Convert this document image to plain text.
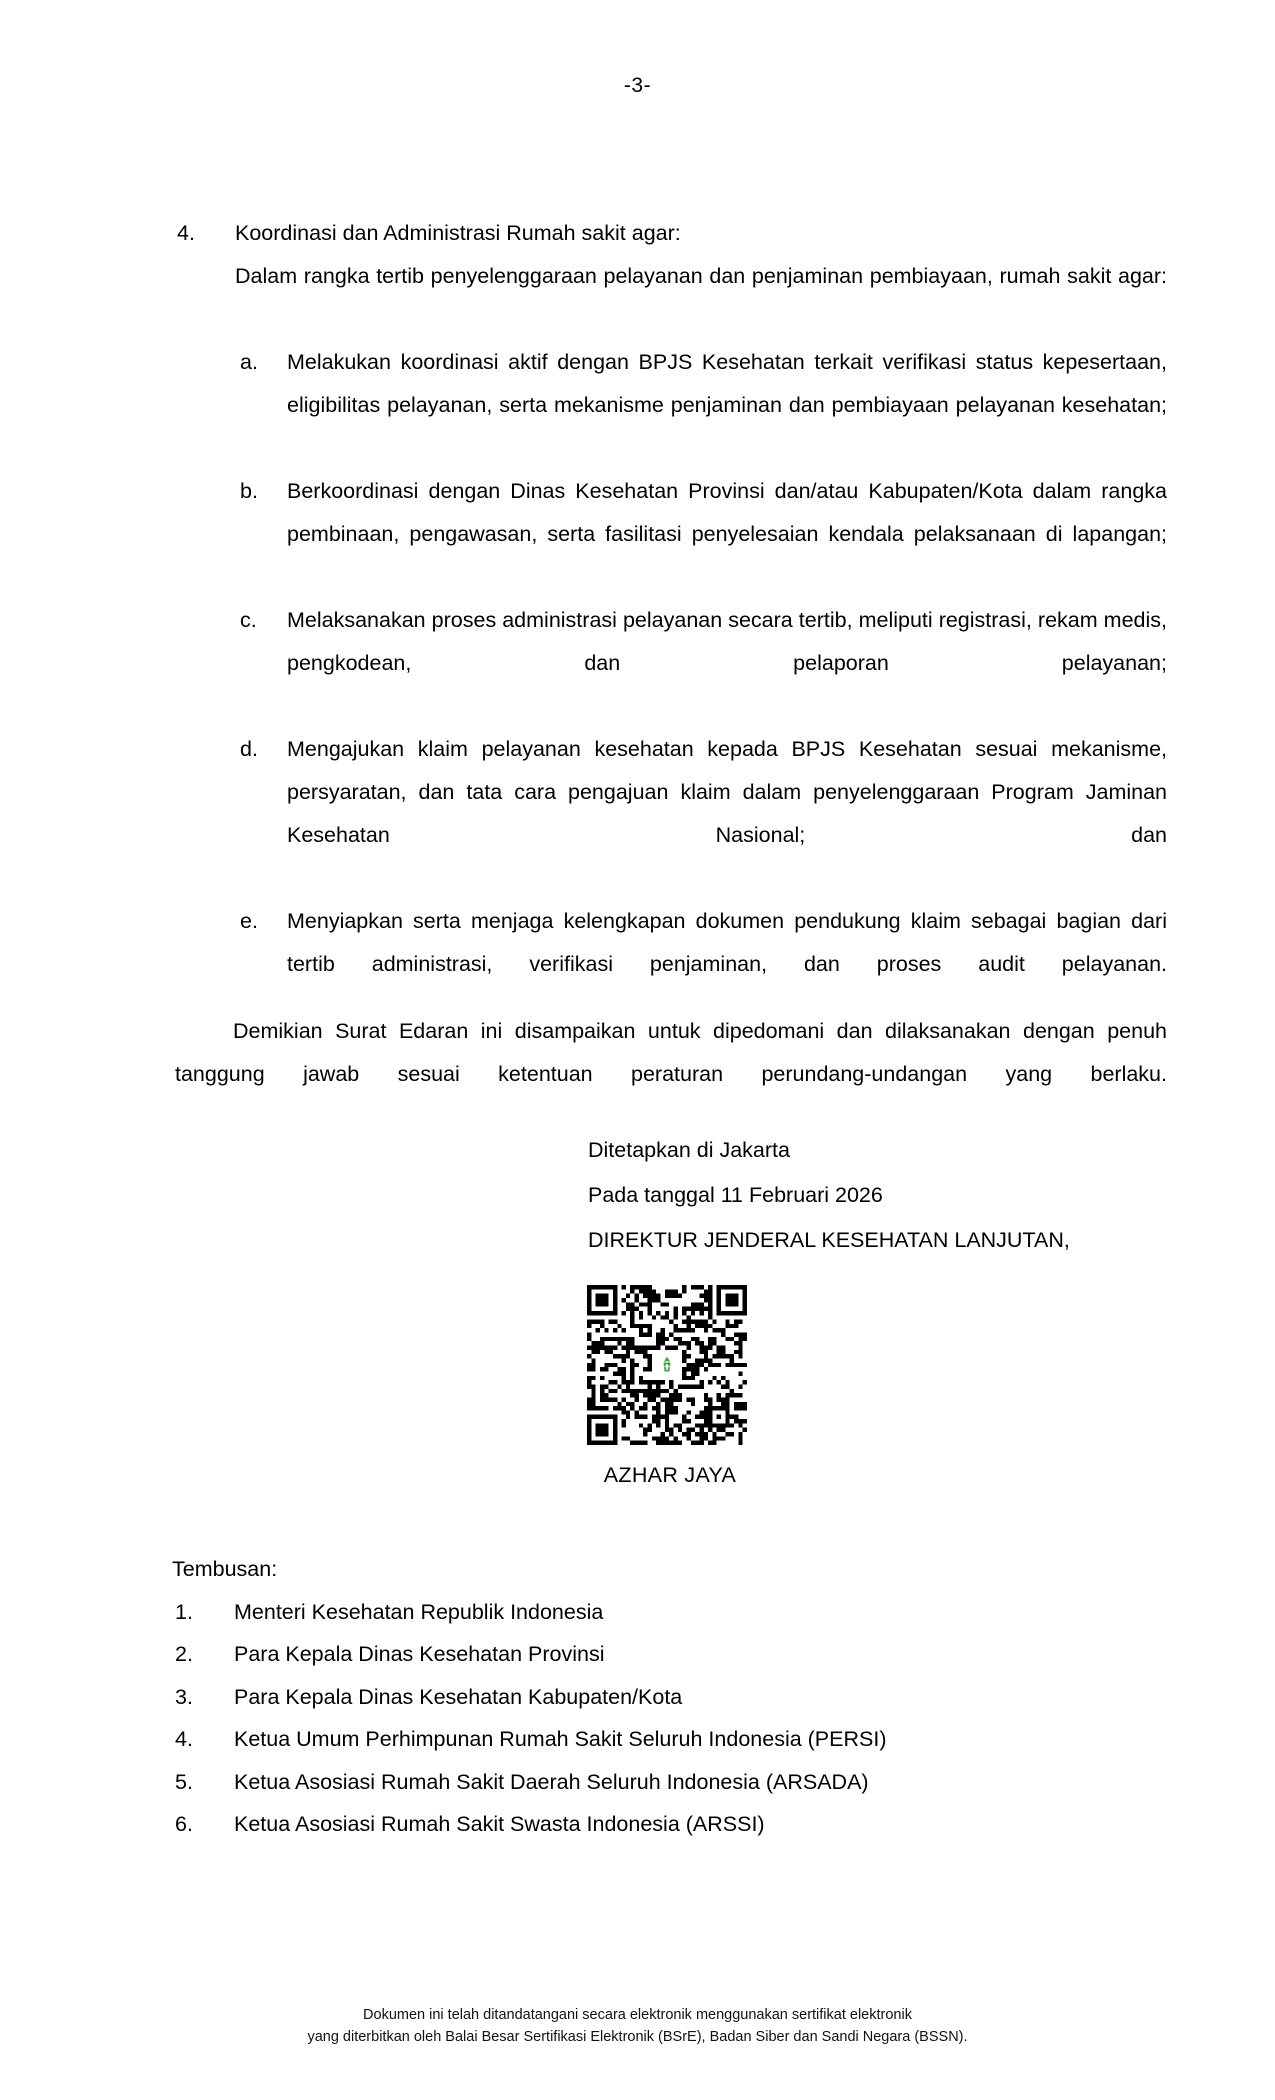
-3-
4.	Koordinasi dan Administrasi Rumah sakit agar:
Dalam rangka tertib penyelenggaraan pelayanan dan penjaminan pembiayaan, rumah sakit agar:
a.	Melakukan koordinasi aktif dengan BPJS Kesehatan terkait verifikasi status kepesertaan, eligibilitas pelayanan, serta mekanisme penjaminan dan pembiayaan pelayanan kesehatan;
b.	Berkoordinasi dengan Dinas Kesehatan Provinsi dan/atau Kabupaten/Kota dalam rangka pembinaan, pengawasan, serta fasilitasi penyelesaian kendala pelaksanaan di lapangan;
c.	Melaksanakan proses administrasi pelayanan secara tertib, meliputi registrasi, rekam medis, pengkodean, dan pelaporan pelayanan;
d.	Mengajukan klaim pelayanan kesehatan kepada BPJS Kesehatan sesuai mekanisme, persyaratan, dan tata cara pengajuan klaim dalam penyelenggaraan Program Jaminan Kesehatan Nasional; dan
e.	Menyiapkan serta menjaga kelengkapan dokumen pendukung klaim sebagai bagian dari tertib administrasi, verifikasi penjaminan, dan proses audit pelayanan.
Demikian Surat Edaran ini disampaikan untuk dipedomani dan dilaksanakan dengan penuh tanggung jawab sesuai ketentuan peraturan perundang-undangan yang berlaku.
Ditetapkan di Jakarta
Pada tanggal 11 Februari 2026
DIREKTUR JENDERAL KESEHATAN LANJUTAN,
AZHAR JAYA
Tembusan:
1.	Menteri Kesehatan Republik Indonesia
2.	Para Kepala Dinas Kesehatan Provinsi
3.	Para Kepala Dinas Kesehatan Kabupaten/Kota
4.	Ketua Umum Perhimpunan Rumah Sakit Seluruh Indonesia (PERSI)
5.	Ketua Asosiasi Rumah Sakit Daerah Seluruh Indonesia (ARSADA)
6.	Ketua Asosiasi Rumah Sakit Swasta Indonesia (ARSSI)
Dokumen ini telah ditandatangani secara elektronik menggunakan sertifikat elektronik
yang diterbitkan oleh Balai Besar Sertifikasi Elektronik (BSrE), Badan Siber dan Sandi Negara (BSSN).
